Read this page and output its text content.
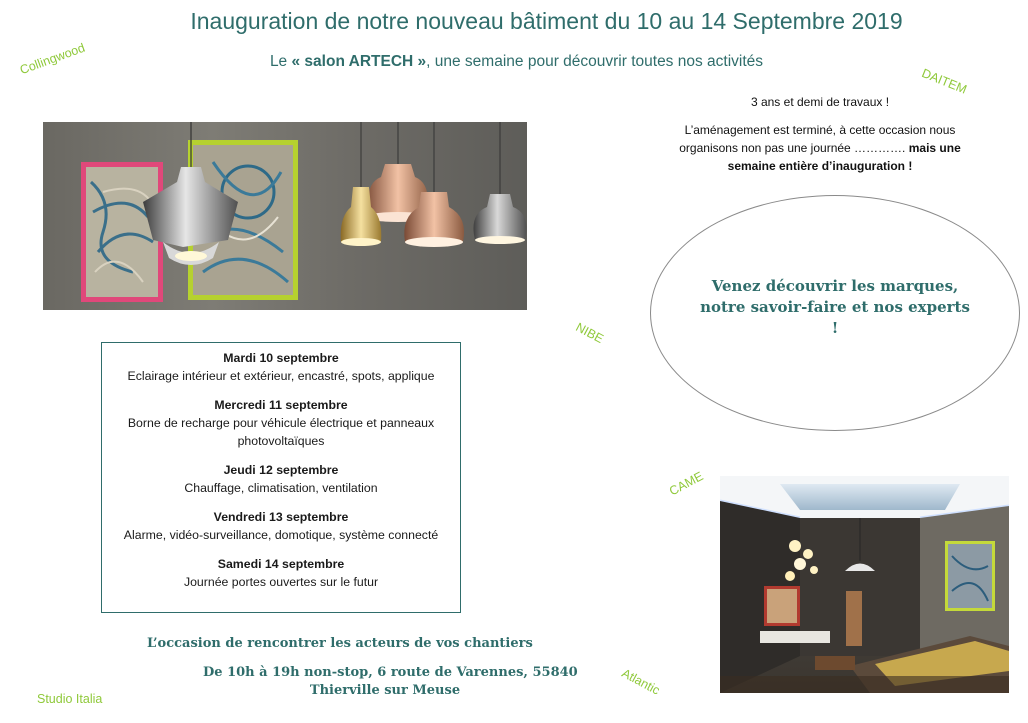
Inauguration de notre nouveau bâtiment du 10 au 14 Septembre 2019
Le « salon ARTECH », une semaine pour découvrir toutes nos activités
Collingwood
DAITEM
NIBE
CAME
Atlantic
Studio Italia

3 ans et demi de travaux !

L’aménagement est terminé, à cette occasion nous organisons non pas une journée …………. mais une semaine entière d’inauguration !

Venez découvrir les marques, notre savoir-faire et nos experts !
Mardi 10 septembre
Eclairage intérieur et extérieur, encastré, spots, applique
Mercredi 11 septembre
Borne de recharge pour véhicule électrique et panneaux photovoltaïques
Jeudi 12 septembre
Chauffage, climatisation, ventilation
Vendredi 13 septembre
Alarme, vidéo-surveillance, domotique, système connecté
Samedi 14 septembre
Journée portes ouvertes sur le futur
L’occasion de rencontrer les acteurs de vos chantiers
De 10h à 19h non-stop, 6 route de Varennes, 55840
Thierville sur Meuse
